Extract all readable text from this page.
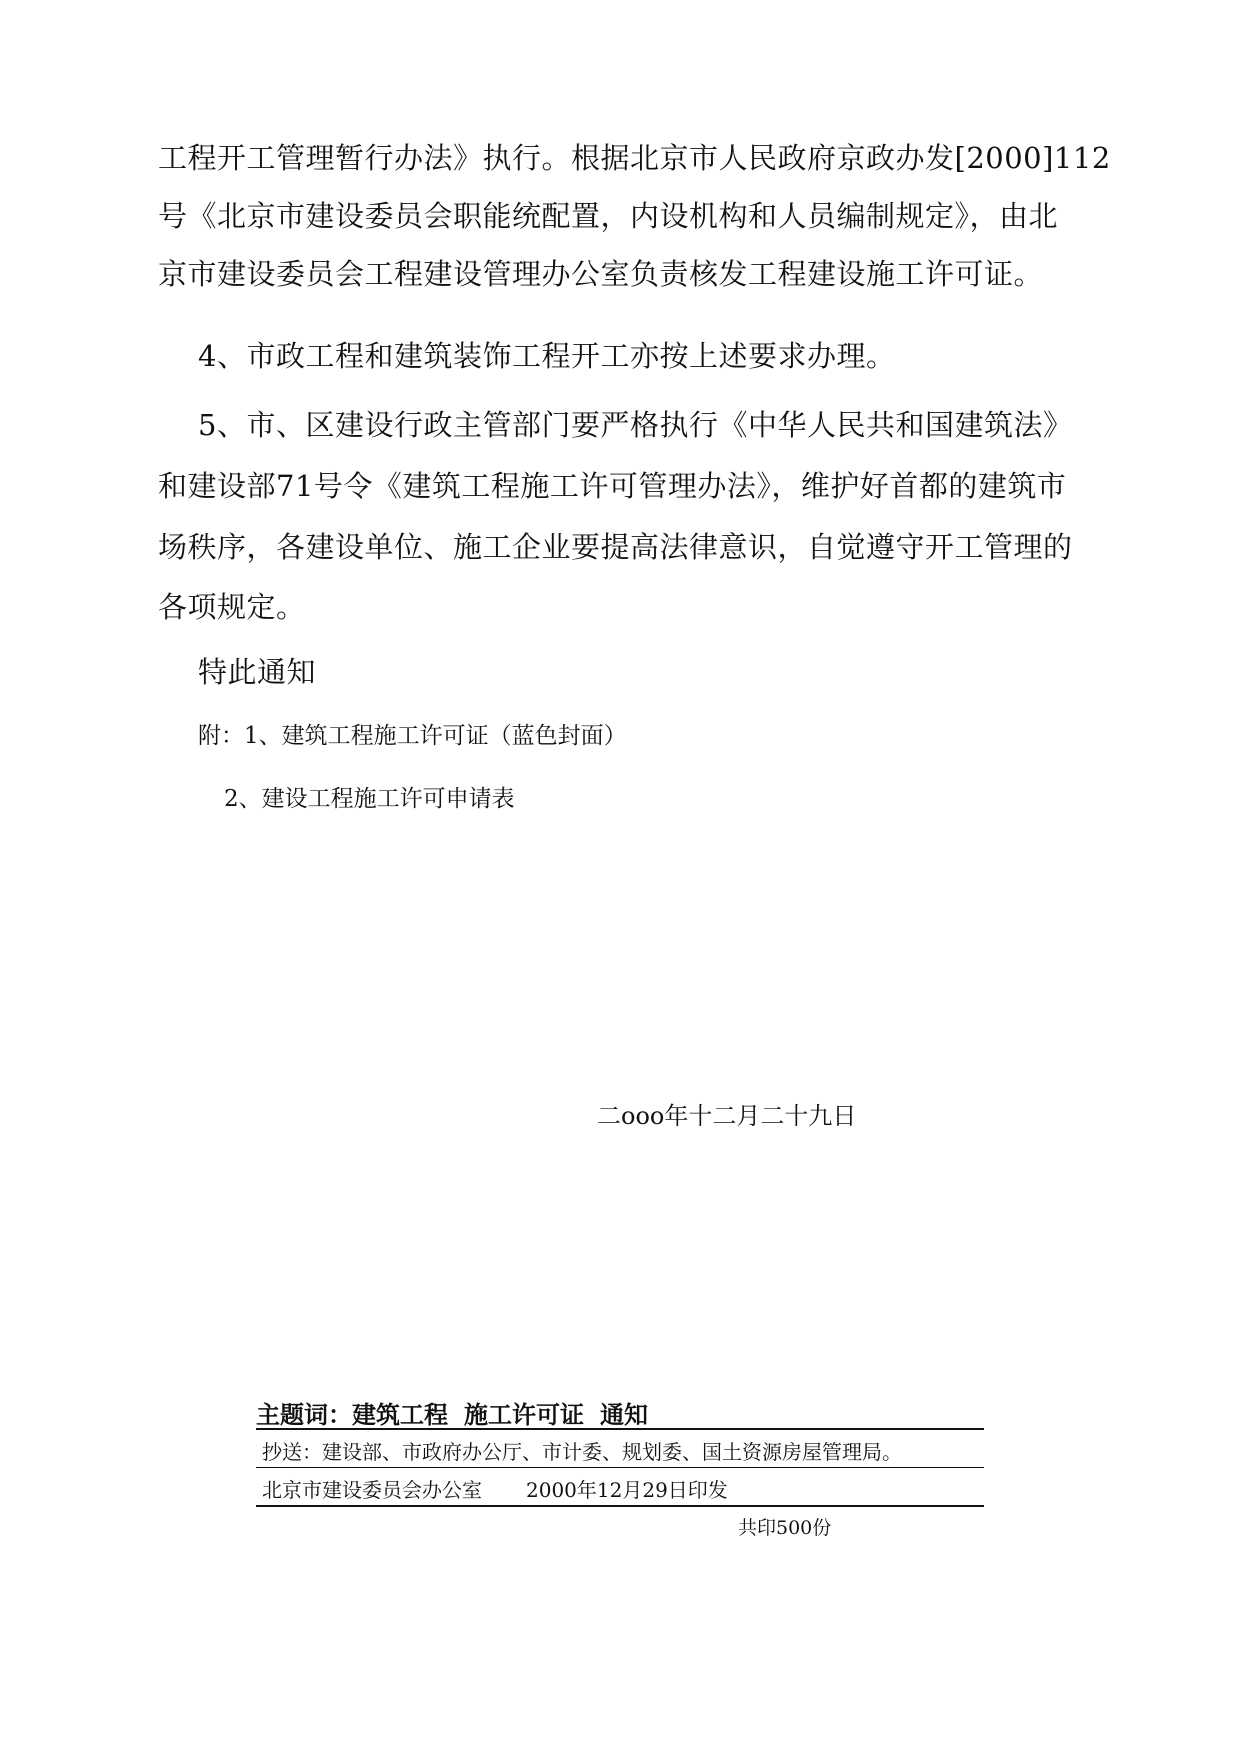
工程开工管理暂行办法》执行。根据北京市人民政府京政办发[2000]112
号《北京市建设委员会职能统配置，内设机构和人员编制规定》，由北
京市建设委员会工程建设管理办公室负责核发工程建设施工许可证。
4、市政工程和建筑装饰工程开工亦按上述要求办理。
5、市、区建设行政主管部门要严格执行《中华人民共和国建筑法》
和建设部71号令《建筑工程施工许可管理办法》，维护好首都的建筑市
场秩序，各建设单位、施工企业要提高法律意识，自觉遵守开工管理的
各项规定。
特此通知
附：1、建筑工程施工许可证（蓝色封面）
2、建设工程施工许可申请表
二ooo年十二月二十九日
主题词：建筑工程 施工许可证 通知
抄送：建设部、市政府办公厅、市计委、规划委、国土资源房屋管理局。
北京市建设委员会办公室 2000年12月29日印发
共印500份
